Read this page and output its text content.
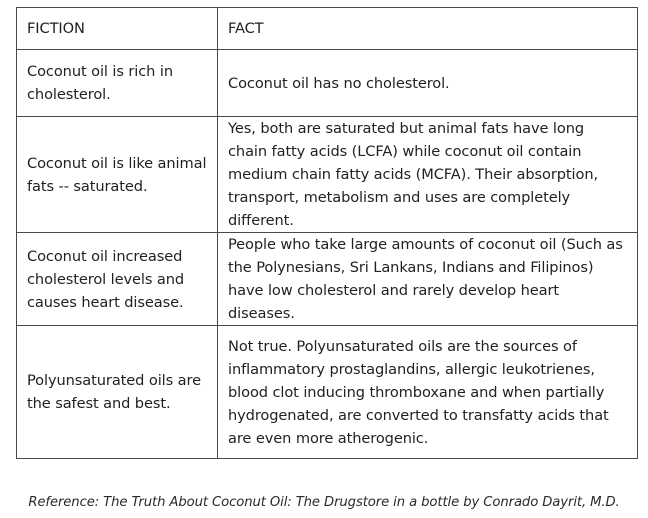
FICTION	FACT
Coconut oil is rich in cholesterol.	Coconut oil has no cholesterol.
Coconut oil is like animal fats -- saturated.	Yes, both are saturated but animal fats have long chain fatty acids (LCFA) while coconut oil contain medium chain fatty acids (MCFA). Their absorption, transport, metabolism and uses are completely different.
Coconut oil increased cholesterol levels and causes heart disease.	People who take large amounts of coconut oil (Such as the Polynesians, Sri Lankans, Indians and Filipinos) have low cholesterol and rarely develop heart diseases.
Polyunsaturated oils are the safest and best.	Not true. Polyunsaturated oils are the sources of inflammatory prostaglandins, allergic leukotrienes, blood clot inducing thromboxane and when partially hydrogenated, are converted to transfatty acids that are even more atherogenic.
Reference: The Truth About Coconut Oil: The Drugstore in a bottle by Conrado Dayrit, M.D.
